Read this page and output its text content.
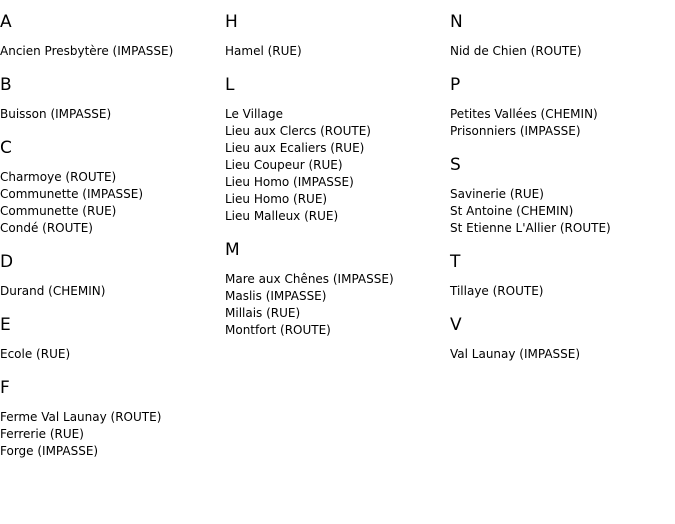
A
Ancien Presbytère (IMPASSE)
B
Buisson (IMPASSE)
C
Charmoye (ROUTE)
Communette (IMPASSE)
Communette (RUE)
Condé (ROUTE)
D
Durand (CHEMIN)
E
Ecole (RUE)
F
Ferme Val Launay (ROUTE)
Ferrerie (RUE)
Forge (IMPASSE)
H
Hamel (RUE)
L
Le Village
Lieu aux Clercs (ROUTE)
Lieu aux Ecaliers (RUE)
Lieu Coupeur (RUE)
Lieu Homo (IMPASSE)
Lieu Homo (RUE)
Lieu Malleux (RUE)
M
Mare aux Chênes (IMPASSE)
Maslis (IMPASSE)
Millais (RUE)
Montfort (ROUTE)
N
Nid de Chien (ROUTE)
P
Petites Vallées (CHEMIN)
Prisonniers (IMPASSE)
S
Savinerie (RUE)
St Antoine (CHEMIN)
St Etienne L'Allier (ROUTE)
T
Tillaye (ROUTE)
V
Val Launay (IMPASSE)
